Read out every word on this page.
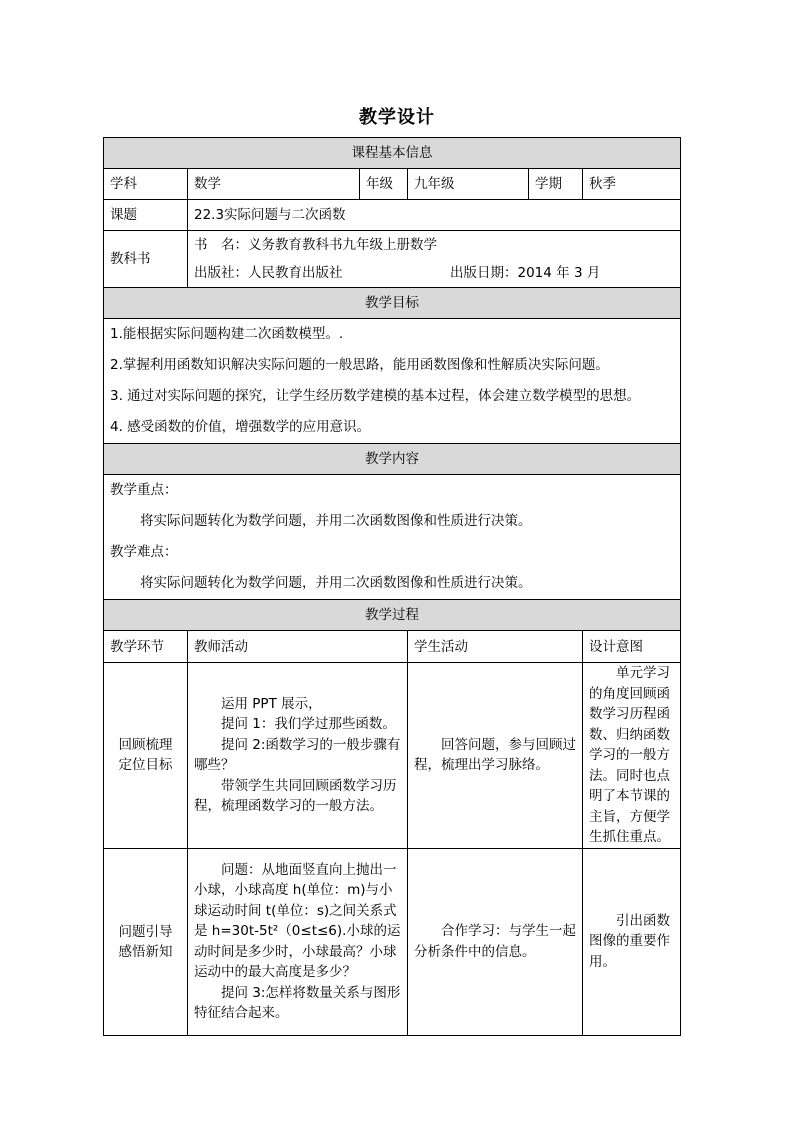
教学设计
课程基本信息					
学科	数学	年级	九年级	学期	秋季
课题	22.3实际问题与二次函数				
教科书	书　名：义务教育教科书九年级上册数学
出版社：人民教育出版社 出版日期：2014 年 3 月				

教学目标					

1.能根据实际问题构建二次函数模型。.
2.掌握利用函数知识解决实际问题的一般思路，能用函数图像和性解质决实际问题。
3. 通过对实际问题的探究，让学生经历数学建模的基本过程，体会建立数学模型的思想。
4. 感受函数的价值，增强数学的应用意识。					

教学内容					

教学重点：
将实际问题转化为数学问题，并用二次函数图像和性质进行决策。
教学难点：
将实际问题转化为数学问题，并用二次函数图像和性质进行决策。					

教学过程					
教学环节	教师活动		学生活动		设计意图
回顾梳理定位目标	运用 PPT 展示，

提问 1：我们学过那些函数。

提问 2:函数学习的一般步骤有哪些？

带领学生共同回顾函数学习历程，梳理函数学习的一般方法。		回答问题，参与回顾过程，梳理出学习脉络。		单元学习的角度回顾函数学习历程函数、归纳函数学习的一般方法。同时也点明了本节课的主旨，方便学生抓住重点。

问题引导感悟新知	问题：从地面竖直向上抛出一小球，小球高度 h(单位：m)与小球运动时间 t(单位：s)之间关系式是 h=30t-5t²（0≤t≤6).小球的运动时间是多少时，小球最高？小球运动中的最大高度是多少？

提问 3:怎样将数量关系与图形特征结合起来。		合作学习：与学生一起分析条件中的信息。		引出函数图像的重要作用。
